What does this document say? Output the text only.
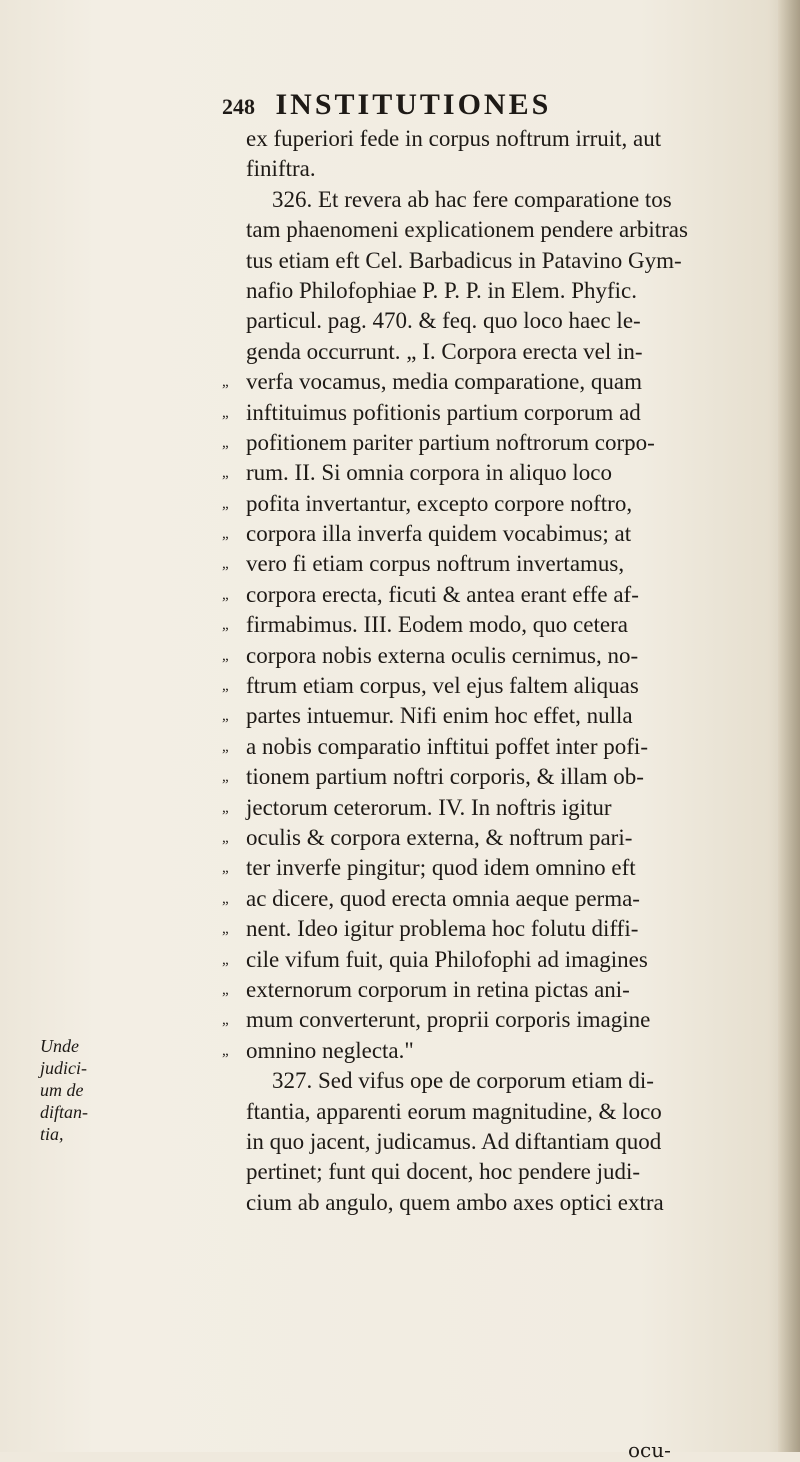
248 INSTITUTIONES
ex fuperiori fede in corpus noftrum irruit, aut
finiftra.
326. Et revera ab hac fere comparatione tos
tam phaenomeni explicationem pendere arbitras
tus etiam eft Cel. Barbadicus in Patavino Gym-
nafio Philofophiae P. P. P. in Elem. Phyfic.
particul. pag. 470. & feq. quo loco haec le-
genda occurrunt. „ I. Corpora erecta vel in-
„ verfa vocamus, media comparatione, quam
„ inftituimus pofitionis partium corporum ad
„ pofitionem pariter partium noftrorum corpo-
„ rum. II. Si omnia corpora in aliquo loco
„ pofita invertantur, excepto corpore noftro,
„ corpora illa inverfa quidem vocabimus; at
„ vero fi etiam corpus noftrum invertamus,
„ corpora erecta, ficuti & antea erant effe af-
„ firmabimus. III. Eodem modo, quo cetera
„ corpora nobis externa oculis cernimus, no-
„ ftrum etiam corpus, vel ejus faltem aliquas
„ partes intuemur. Nifi enim hoc effet, nulla
„ a nobis comparatio inftitui poffet inter pofi-
„ tionem partium noftri corporis, & illam ob-
„ jectorum ceterorum. IV. In noftris igitur
„ oculis & corpora externa, & noftrum pari-
„ ter inverfe pingitur; quod idem omnino eft
„ ac dicere, quod erecta omnia aeque perma-
„ nent. Ideo igitur problema hoc folutu diffi-
„ cile vifum fuit, quia Philofophi ad imagines
„ externorum corporum in retina pictas ani-
„ mum converterunt, proprii corporis imagine
„ omnino neglecta."
327. Sed vifus ope de corporum etiam di-
ftantia, apparenti eorum magnitudine, & loco
in quo jacent, judicamus. Ad diftantiam quod
pertinet; funt qui docent, hoc pendere judi-
cium ab angulo, quem ambo axes optici extra
Unde
judici-
um de
diftan-
tia,
ocu-
